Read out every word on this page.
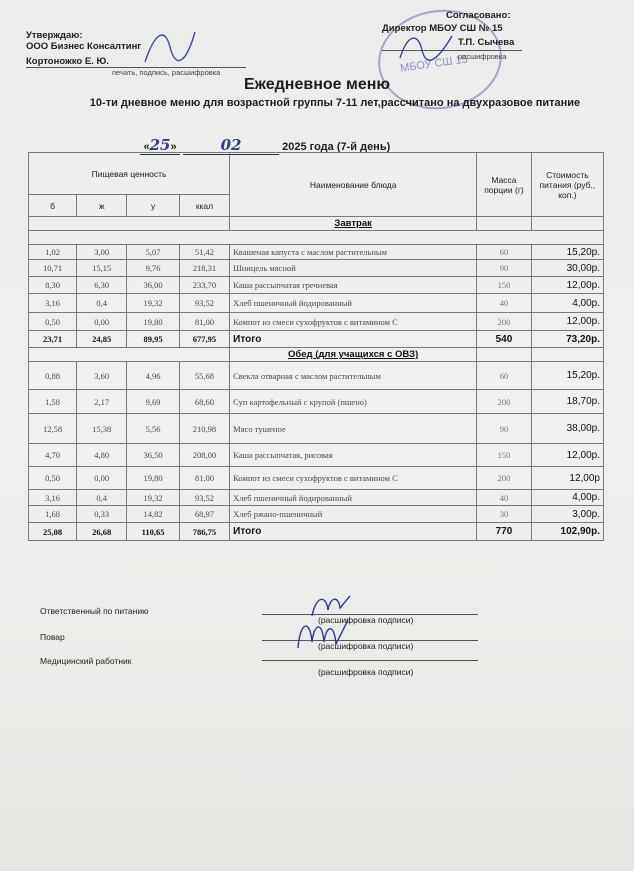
Утверждаю:
ООО Бизнес Консалтинг
Кортоножко Е. Ю.
печать, подпись, расшифровка	МБОУ СШ 15
Согласовано:
Директор МБОУ СШ № 15
Т.П. Сычева
расшифровка
Ежедневное меню
10-ти дневное меню для возрастной группы 7-11 лет,рассчитано на двухразовое питание
«25»	02	2025 года (7-й день)
Пищевая ценность				Наименование блюда	Масса порции (г)	Стоимость питания (руб., коп.)
б	ж	у	ккал			
				Завтрак		

1,02	3,00	5,07	51,42	Квашеная капуста с маслом растительным	60	15,20р.
10,71	15,15	9,76	218,31	Шницель мясной	90	30,00р.
8,30	6,30	36,00	233,70	Каша рассыпчатая гречневая	150	12,00р.
3,16	0,4	19,32	93,52	Хлеб пшеничный йодированный	40	4,00р.
0,50	0,00	19,80	81,00	Компот из смеси сухофруктов с витамином С	200	12,00р.
23,71	24,85	89,95	677,95	Итого	540	73,20р.
				Обед (для учащихся с ОВЗ)		
0,88	3,60	4,96	55,68	Свекла отварная с маслом растительным	60	15,20р.
1,58	2,17	9,69	68,60	Суп картофельный с крупой (пшено)	200	18,70р.
12,58	15,38	5,56	210,98	Мясо тушеное	90	38,00р.
4,70	4,80	36,50	208,00	Каша рассыпчатая, рисовая	150	12,00р.
0,50	0,00	19,80	81,00	Компот из смеси сухофруктов с витамином С	200	12,00р
3,16	0,4	19,32	93,52	Хлеб пшеничный йодированный	40	4,00р.
1,68	0,33	14,82	68,97	Хлеб ржано-пшеничный	30	3,00р.
25,08	26,68	110,65	786,75	Итого	770	102,90р.
Ответственный по питанию
(расшифровка подписи)
Повар
(расшифровка подписи)
Медицинский работник
(расшифровка подписи)
